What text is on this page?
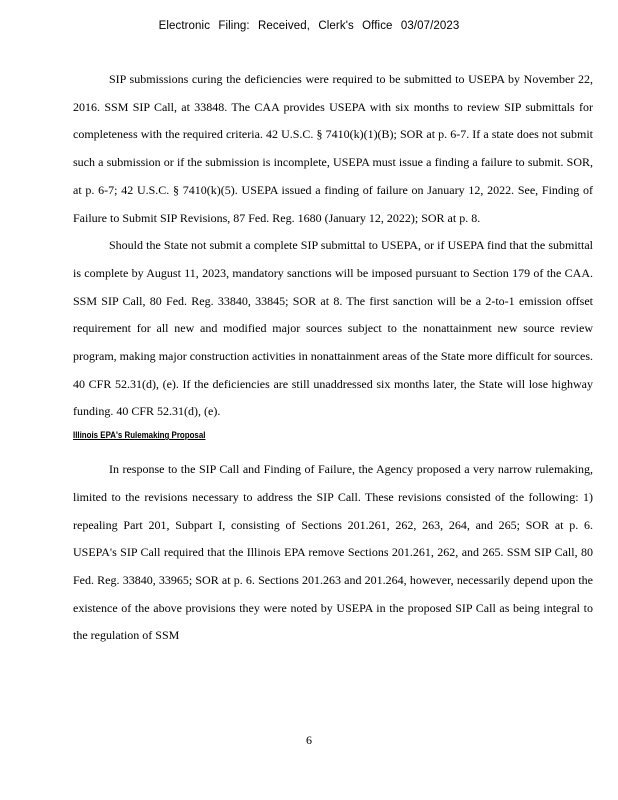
Electronic Filing: Received, Clerk's Office 03/07/2023

SIP submissions curing the deficiencies were required to be submitted to USEPA by November 22, 2016. SSM SIP Call, at 33848. The CAA provides USEPA with six months to review SIP submittals for completeness with the required criteria. 42 U.S.C. § 7410(k)(1)(B); SOR at p. 6-7. If a state does not submit such a submission or if the submission is incomplete, USEPA must issue a finding a failure to submit. SOR, at p. 6-7; 42 U.S.C. § 7410(k)(5). USEPA issued a finding of failure on January 12, 2022. See, Finding of Failure to Submit SIP Revisions, 87 Fed. Reg. 1680 (January 12, 2022); SOR at p. 8.

Should the State not submit a complete SIP submittal to USEPA, or if USEPA find that the submittal is complete by August 11, 2023, mandatory sanctions will be imposed pursuant to Section 179 of the CAA. SSM SIP Call, 80 Fed. Reg. 33840, 33845; SOR at 8. The first sanction will be a 2-to-1 emission offset requirement for all new and modified major sources subject to the nonattainment new source review program, making major construction activities in nonattainment areas of the State more difficult for sources. 40 CFR 52.31(d), (e). If the deficiencies are still unaddressed six months later, the State will lose highway funding. 40 CFR 52.31(d), (e).

Illinois EPA's Rulemaking Proposal

In response to the SIP Call and Finding of Failure, the Agency proposed a very narrow rulemaking, limited to the revisions necessary to address the SIP Call. These revisions consisted of the following: 1) repealing Part 201, Subpart I, consisting of Sections 201.261, 262, 263, 264, and 265; SOR at p. 6. USEPA's SIP Call required that the Illinois EPA remove Sections 201.261, 262, and 265. SSM SIP Call, 80 Fed. Reg. 33840, 33965; SOR at p. 6. Sections 201.263 and 201.264, however, necessarily depend upon the existence of the above provisions they were noted by USEPA in the proposed SIP Call as being integral to the regulation of SSM

6
